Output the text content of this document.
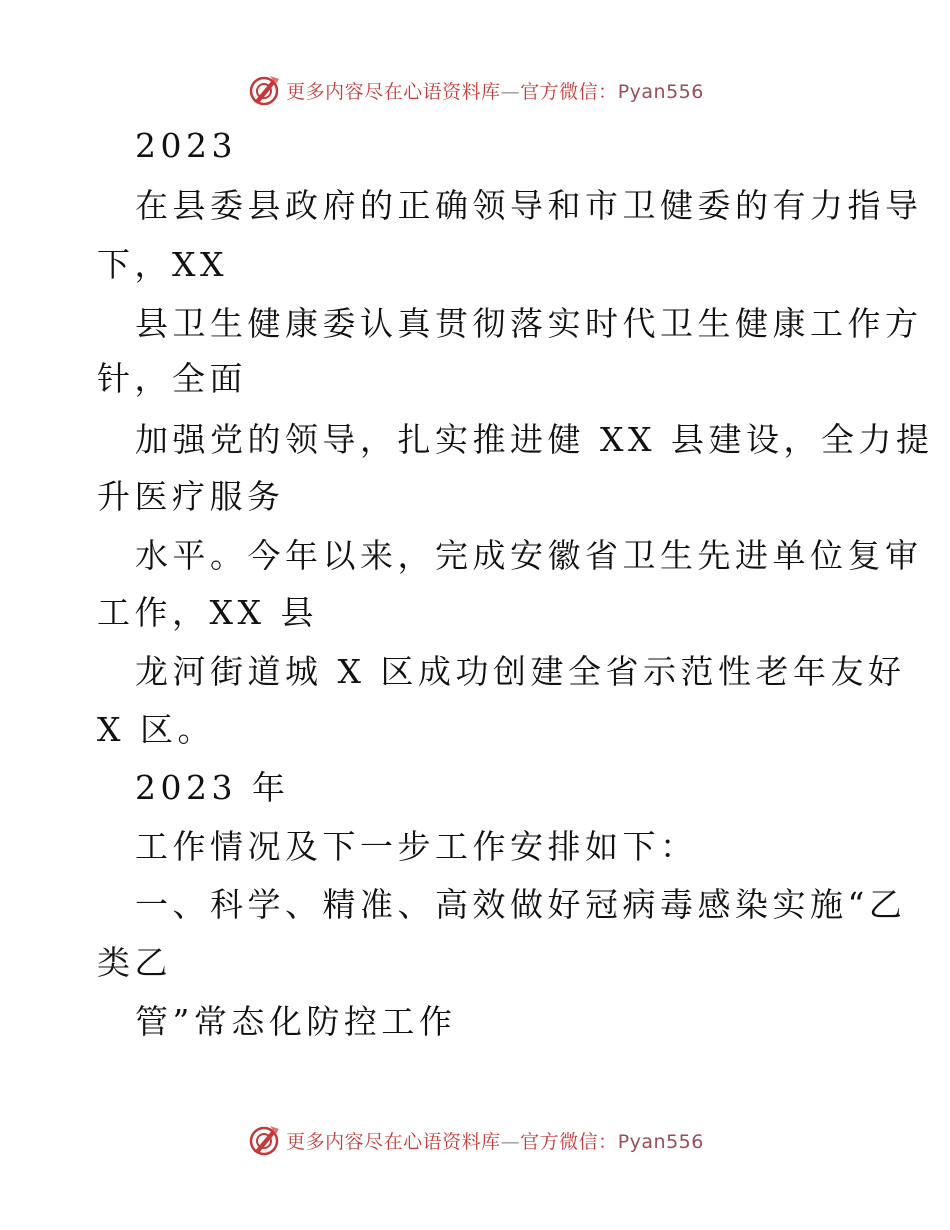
更多内容尽在心语资料库—官方微信：Pyan556
2023
在县委县政府的正确领导和市卫健委的有力指导
下，XX
县卫生健康委认真贯彻落实时代卫生健康工作方
针，全面
加强党的领导，扎实推进健 XX 县建设，全力提
升医疗服务
水平。今年以来，完成安徽省卫生先进单位复审
工作，XX 县
龙河街道城 X 区成功创建全省示范性老年友好
X 区。
2023 年
工作情况及下一步工作安排如下：
一、科学、精准、高效做好冠病毒感染实施“乙
类乙
管”常态化防控工作
更多内容尽在心语资料库—官方微信：Pyan556
